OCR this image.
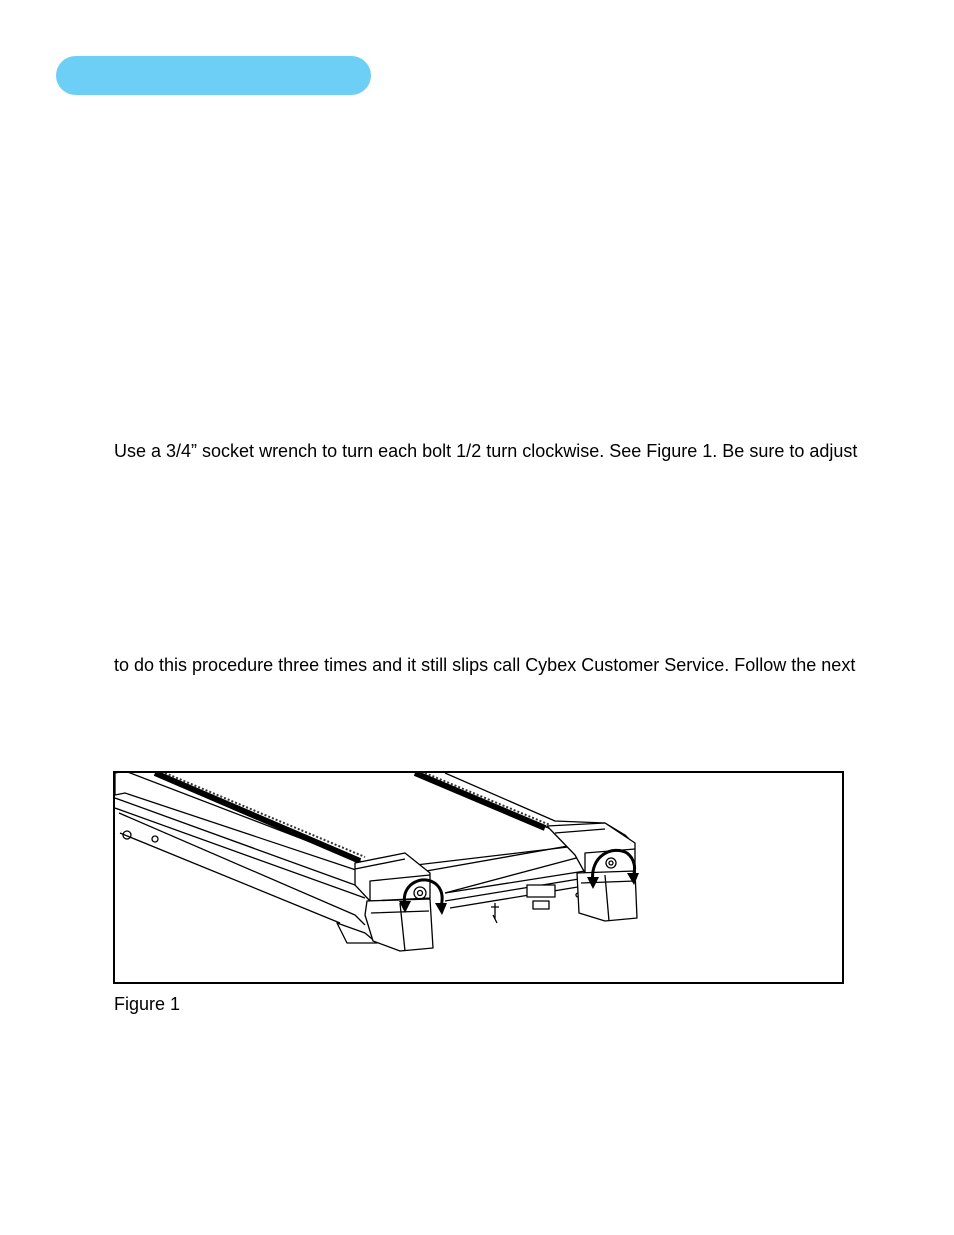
Use a 3/4” socket wrench to turn each bolt 1/2 turn clockwise. See Figure 1. Be sure to adjust
to do this procedure three times and it still slips call Cybex Customer Service. Follow the next
Figure 1
